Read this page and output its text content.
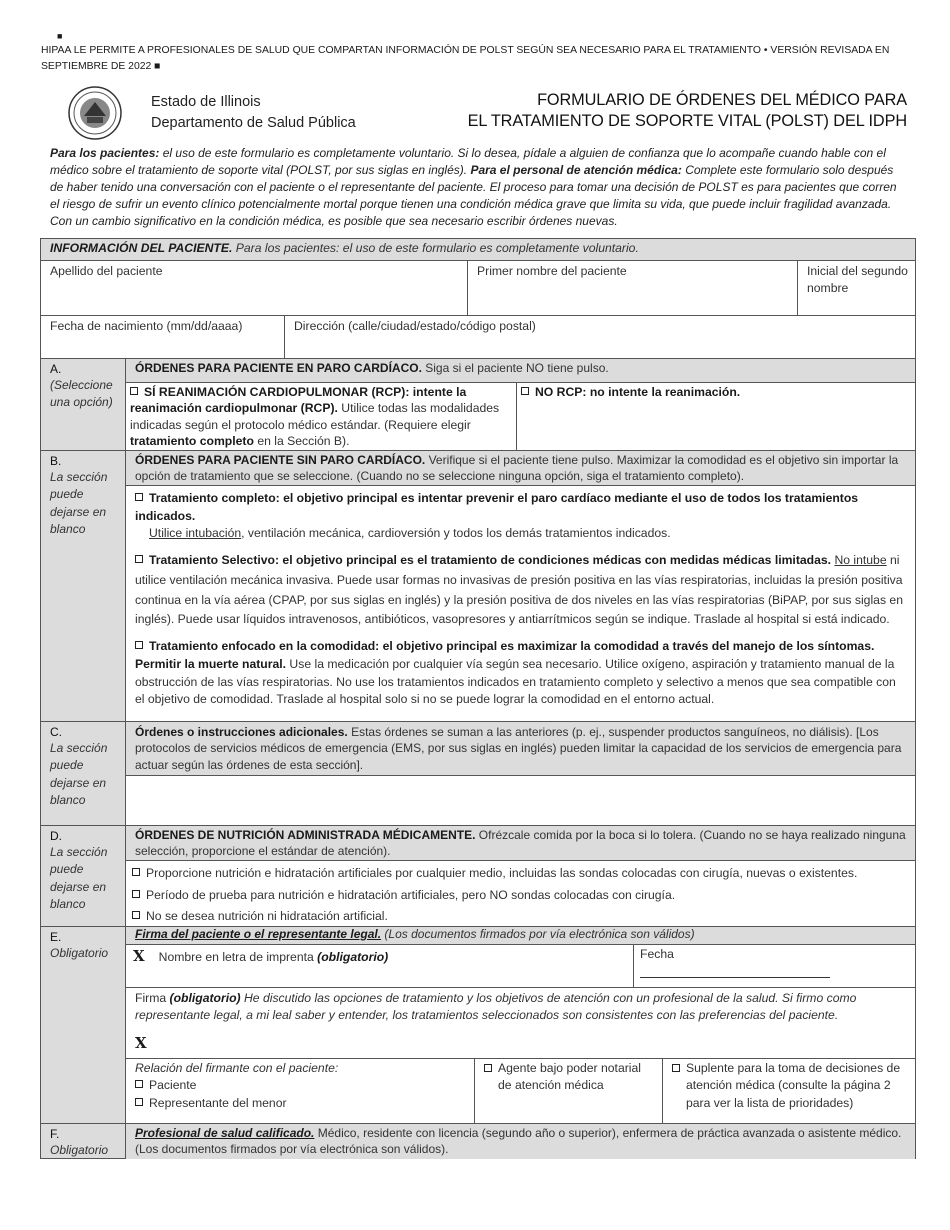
■
HIPAA LE PERMITE A PROFESIONALES DE SALUD QUE COMPARTAN INFORMACIÓN DE POLST SEGÚN SEA NECESARIO PARA EL TRATAMIENTO • VERSIÓN REVISADA EN SEPTIEMBRE DE 2022 ■
Estado de Illinois
Departamento de Salud Pública
FORMULARIO DE ÓRDENES DEL MÉDICO PARA
EL TRATAMIENTO DE SOPORTE VITAL (POLST) DEL IDPH
Para los pacientes: el uso de este formulario es completamente voluntario. Si lo desea, pídale a alguien de confianza que lo acompañe cuando hable con el médico sobre el tratamiento de soporte vital (POLST, por sus siglas en inglés). Para el personal de atención médica: Complete este formulario solo después de haber tenido una conversación con el paciente o el representante del paciente. El proceso para tomar una decisión de POLST es para pacientes que corren el riesgo de sufrir un evento clínico potencialmente mortal porque tienen una condición médica grave que limita su vida, que puede incluir fragilidad avanzada. Con un cambio significativo en la condición médica, es posible que sea necesario escribir órdenes nuevas.
INFORMACIÓN DEL PACIENTE. Para los pacientes: el uso de este formulario es completamente voluntario.
Apellido del paciente	Primer nombre del paciente	Inicial del segundo nombre
Fecha de nacimiento (mm/dd/aaaa)	Dirección (calle/ciudad/estado/código postal)
A.
(Seleccione una opción)
ÓRDENES PARA PACIENTE EN PARO CARDÍACO. Siga si el paciente NO tiene pulso.
SÍ REANIMACIÓN CARDIOPULMONAR (RCP): intente la reanimación cardiopulmonar (RCP). Utilice todas las modalidades indicadas según el protocolo médico estándar. (Requiere elegir tratamiento completo en la Sección B).
NO RCP: no intente la reanimación.
B.
La sección puede dejarse en blanco
ÓRDENES PARA PACIENTE SIN PARO CARDÍACO. Verifique si el paciente tiene pulso. Maximizar la comodidad es el objetivo sin importar la opción de tratamiento que se seleccione. (Cuando no se seleccione ninguna opción, siga el tratamiento completo).
Tratamiento completo: el objetivo principal es intentar prevenir el paro cardíaco mediante el uso de todos los tratamientos indicados.
Utilice intubación, ventilación mecánica, cardioversión y todos los demás tratamientos indicados.
Tratamiento Selectivo: el objetivo principal es el tratamiento de condiciones médicas con medidas médicas limitadas. No intube ni utilice ventilación mecánica invasiva. Puede usar formas no invasivas de presión positiva en las vías respiratorias, incluidas la presión positiva continua en la vía aérea (CPAP, por sus siglas en inglés) y la presión positiva de dos niveles en las vías respiratorias (BiPAP, por sus siglas en inglés). Puede usar líquidos intravenosos, antibióticos, vasopresores y antiarrítmicos según se indique. Traslade al hospital si está indicado.
Tratamiento enfocado en la comodidad: el objetivo principal es maximizar la comodidad a través del manejo de los síntomas. Permitir la muerte natural. Use la medicación por cualquier vía según sea necesario. Utilice oxígeno, aspiración y tratamiento manual de la obstrucción de las vías respiratorias. No use los tratamientos indicados en tratamiento completo y selectivo a menos que sea compatible con el objetivo de comodidad. Traslade al hospital solo si no se puede lograr la comodidad en el entorno actual.
C.
La sección puede dejarse en blanco
Órdenes o instrucciones adicionales. Estas órdenes se suman a las anteriores (p. ej., suspender productos sanguíneos, no diálisis). [Los protocolos de servicios médicos de emergencia (EMS, por sus siglas en inglés) pueden limitar la capacidad de los servicios de emergencia para actuar según las órdenes de esta sección].
D.
La sección puede dejarse en blanco
ÓRDENES DE NUTRICIÓN ADMINISTRADA MÉDICAMENTE. Ofrézcale comida por la boca si lo tolera. (Cuando no se haya realizado ninguna selección, proporcione el estándar de atención).
Proporcione nutrición e hidratación artificiales por cualquier medio, incluidas las sondas colocadas con cirugía, nuevas o existentes.
Período de prueba para nutrición e hidratación artificiales, pero NO sondas colocadas con cirugía.
No se desea nutrición ni hidratación artificial.
E.
Obligatorio
Firma del paciente o el representante legal. (Los documentos firmados por vía electrónica son válidos)
X Nombre en letra de imprenta (obligatorio)	Fecha
Firma (obligatorio) He discutido las opciones de tratamiento y los objetivos de atención con un profesional de la salud. Si firmo como representante legal, a mi leal saber y entender, los tratamientos seleccionados son consistentes con las preferencias del paciente.
X
Relación del firmante con el paciente:
Paciente
Representante del menor
Agente bajo poder notarial de atención médica
Suplente para la toma de decisiones de atención médica (consulte la página 2 para ver la lista de prioridades)
F.
Obligatorio
Profesional de salud calificado. Médico, residente con licencia (segundo año o superior), enfermera de práctica avanzada o asistente médico. (Los documentos firmados por vía electrónica son válidos).
